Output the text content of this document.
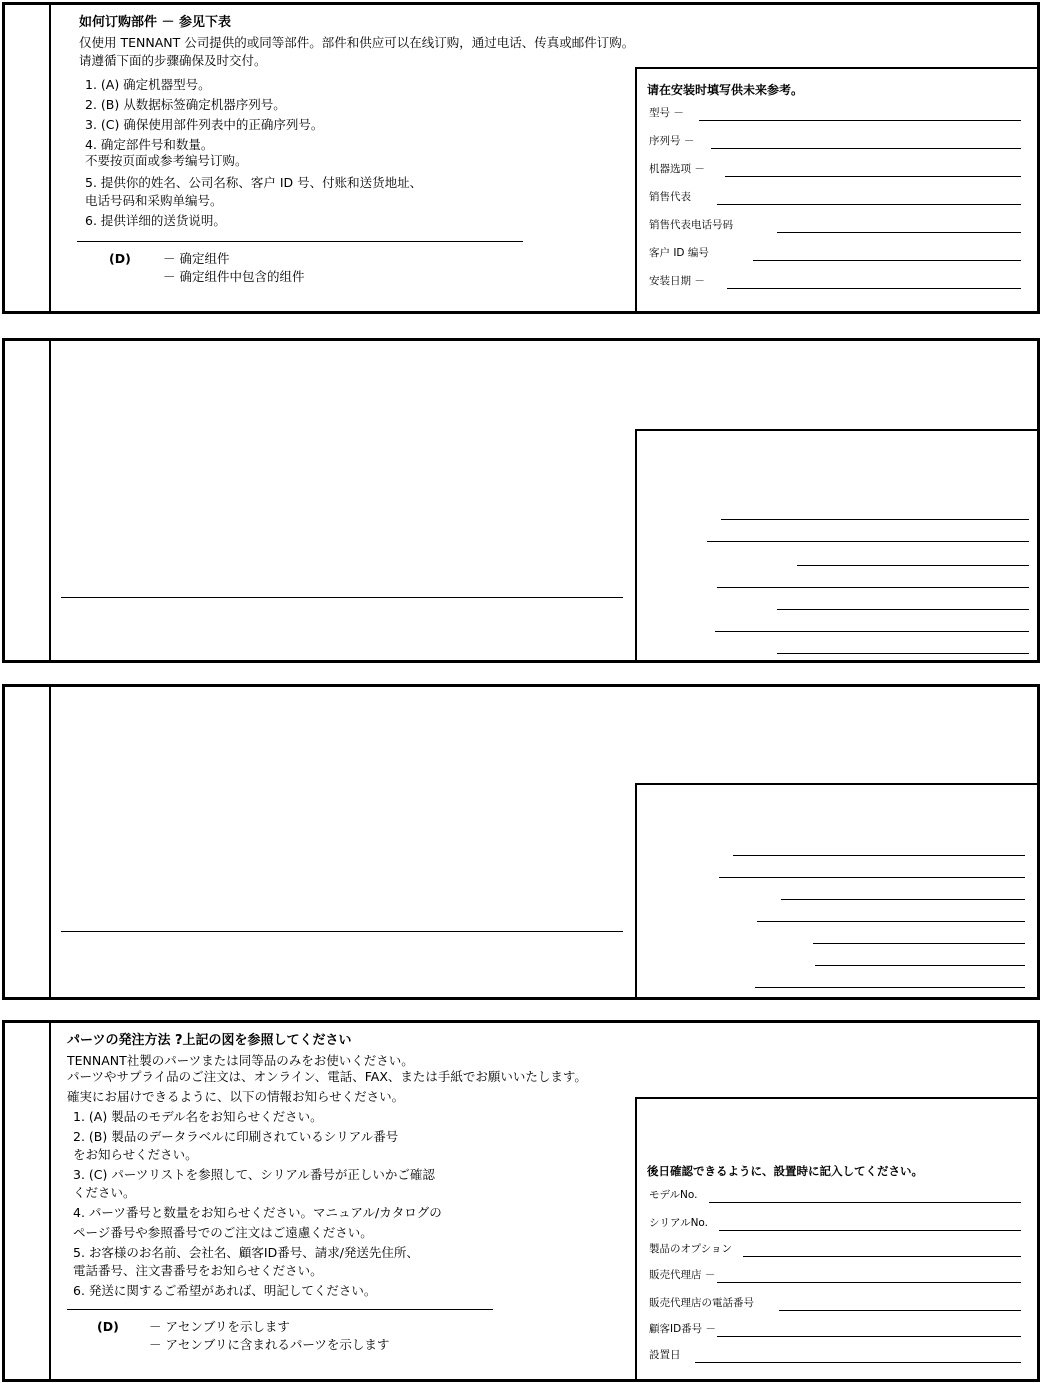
如何订购部件 － 参见下表
仅使用 TENNANT 公司提供的或同等部件。部件和供应可以在线订购，通过电话、传真或邮件订购。
请遵循下面的步骤确保及时交付。
1. (A) 确定机器型号。
2. (B) 从数据标签确定机器序列号。
3. (C) 确保使用部件列表中的正确序列号。
4. 确定部件号和数量。
不要按页面或参考编号订购。
5. 提供你的姓名、公司名称、客户 ID 号、付账和送货地址、
电话号码和采购单编号。
6. 提供详细的送货说明。
(D)	－ 确定组件
－ 确定组件中包含的组件
请在安装时填写供未来参考。
型号 －
序列号 －
机器选项 －
销售代表
销售代表电话号码
客户 ID 编号
安装日期 －
パーツの発注方法 ?上記の図を参照してください
TENNANT社製のパーツまたは同等品のみをお使いください。
パーツやサプライ品のご注文は、オンライン、電話、FAX、または手紙でお願いいたします。
確実にお届けできるように、以下の情報お知らせください。
1. (A) 製品のモデル名をお知らせください。
2. (B) 製品のデータラベルに印刷されているシリアル番号
をお知らせください。
3. (C) パーツリストを参照して、シリアル番号が正しいかご確認
ください。
4. パーツ番号と数量をお知らせください。マニュアル/カタログの
ページ番号や参照番号でのご注文はご遠慮ください。
5. お客様のお名前、会社名、顧客ID番号、請求/発送先住所、
電話番号、注文書番号をお知らせください。
6. 発送に関するご希望があれば、明記してください。
(D) － アセンブリを示します
－ アセンブリに含まれるパーツを示します
後日確認できるように、設置時に記入してください。
モデルNo.
シリアルNo.
製品のオプション
販売代理店 －
販売代理店の電話番号
顧客ID番号 －
設置日
